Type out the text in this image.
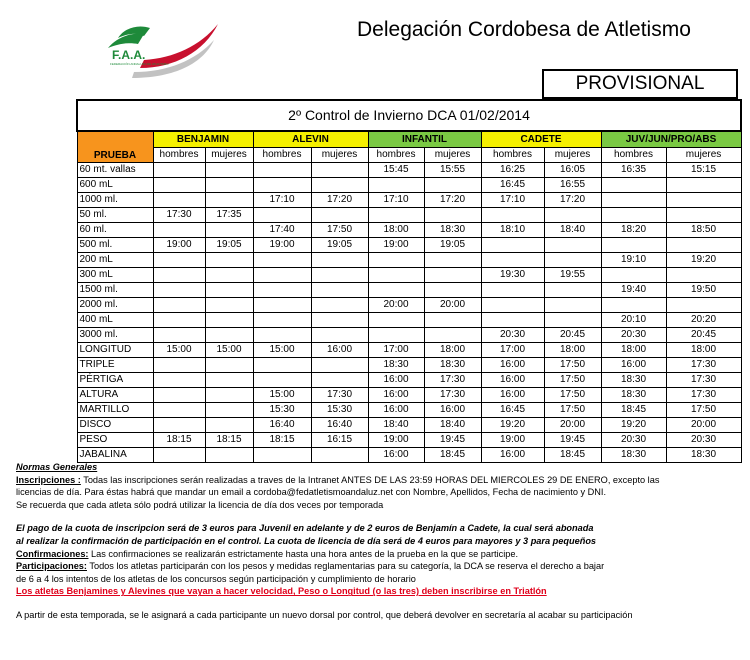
F.A.A.
FEDERACIÓN ANDALUZA DE ATLETISMO
Delegación Cordobesa de Atletismo
PROVISIONAL
2º Control de Invierno DCA 01/02/2014										
PRUEBA	BENJAMIN		ALEVIN		INFANTIL		CADETE		JUV/JUN/PRO/ABS	
	hombres	mujeres	hombres	mujeres	hombres	mujeres	hombres	mujeres	hombres	mujeres
60 mt. vallas					15:45	15:55	16:25	16:05	16:35	15:15
600 mL							16:45	16:55		
1000 ml.			17:10	17:20	17:10	17:20	17:10	17:20		
50 ml.	17:30	17:35								
60 ml.			17:40	17:50	18:00	18:30	18:10	18:40	18:20	18:50
500 ml.	19:00	19:05	19:00	19:05	19:00	19:05				
200 mL									19:10	19:20
300 mL							19:30	19:55		
1500 ml.									19:40	19:50
2000 ml.					20:00	20:00				
400 mL									20:10	20:20
3000 ml.							20:30	20:45	20:30	20:45
LONGITUD	15:00	15:00	15:00	16:00	17:00	18:00	17:00	18:00	18:00	18:00
TRIPLE					18:30	18:30	16:00	17:50	16:00	17:30
PÉRTIGA					16:00	17:30	16:00	17:50	18:30	17:30
ALTURA			15:00	17:30	16:00	17:30	16:00	17:50	18:30	17:30
MARTILLO			15:30	15:30	16:00	16:00	16:45	17:50	18:45	17:50
DISCO			16:40	16:40	18:40	18:40	19:20	20:00	19:20	20:00
PESO	18:15	18:15	18:15	16:15	19:00	19:45	19:00	19:45	20:30	20:30
JABALINA					16:00	18:45	16:00	18:45	18:30	18:30
Normas Generales
Inscripciones : Todas las inscripciones serán realizadas a traves de la Intranet ANTES DE LAS 23:59 HORAS DEL MIERCOLES 29 DE ENERO, excepto las
licencias de día. Para éstas habrá que mandar un email a cordoba@fedatletismoandaluz.net con Nombre, Apellidos, Fecha de nacimiento y DNI.
Se recuerda que cada atleta sólo podrá utilizar la licencia de día dos veces por temporada
El pago de la cuota de inscripcion será de 3 euros para Juvenil en adelante y de 2 euros de Benjamín a Cadete, la cual será abonada
al realizar la confirmación de participación en el control. La cuota de licencia de día será de 4 euros para mayores y 3 para pequeños
Confirmaciones: Las confirmaciones se realizarán estrictamente hasta una hora antes de la prueba en la que se participe.
Participaciones: Todos los atletas participarán con los pesos y medidas reglamentarias para su categoría, la DCA se reserva el derecho a bajar
de 6 a 4 los intentos de los atletas de los concursos según participación y cumplimiento de horario
Los atletas Benjamines y Alevines que vayan a hacer velocidad, Peso o Longitud (o las tres) deben inscribirse en Triatlón
A partir de esta temporada, se le asignará a cada participante un nuevo dorsal por control, que deberá devolver en secretaría al acabar su participación
